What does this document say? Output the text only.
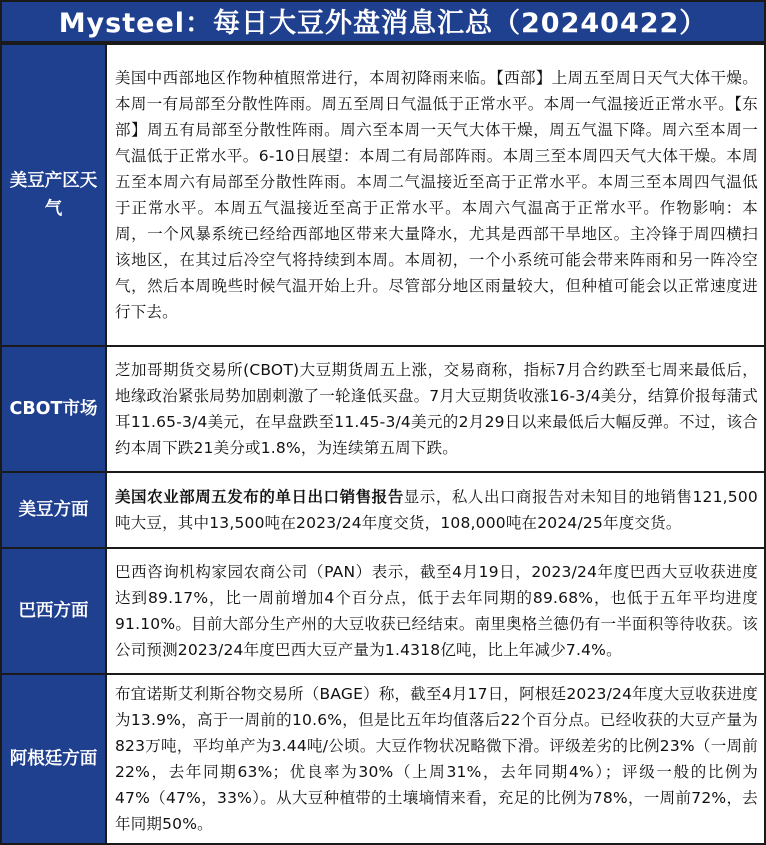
Mysteel：每日大豆外盘消息汇总（20240422）
美豆产区天气	美国中西部地区作物种植照常进行，本周初降雨来临。【西部】上周五至周日天气大体干燥。本周一有局部至分散性阵雨。周五至周日气温低于正常水平。本周一气温接近正常水平。【东部】周五有局部至分散性阵雨。周六至本周一天气大体干燥，周五气温下降。周六至本周一气温低于正常水平。6-10日展望：本周二有局部阵雨。本周三至本周四天气大体干燥。本周五至本周六有局部至分散性阵雨。本周二气温接近至高于正常水平。本周三至本周四气温低于正常水平。本周五气温接近至高于正常水平。本周六气温高于正常水平。作物影响：本周，一个风暴系统已经给西部地区带来大量降水，尤其是西部干旱地区。主冷锋于周四横扫该地区，在其过后冷空气将持续到本周。本周初，一个小系统可能会带来阵雨和另一阵冷空气，然后本周晚些时候气温开始上升。尽管部分地区雨量较大，但种植可能会以正常速度进行下去。
CBOT市场	芝加哥期货交易所(CBOT)大豆期货周五上涨，交易商称，指标7月合约跌至七周来最低后，地缘政治紧张局势加剧刺激了一轮逢低买盘。7月大豆期货收涨16-3/4美分，结算价报每蒲式耳11.65-3/4美元，在早盘跌至11.45-3/4美元的2月29日以来最低后大幅反弹。不过，该合约本周下跌21美分或1.8%，为连续第五周下跌。
美豆方面	美国农业部周五发布的单日出口销售报告显示，私人出口商报告对未知目的地销售121,500吨大豆，其中13,500吨在2023/24年度交货，108,000吨在2024/25年度交货。
巴西方面	巴西咨询机构家园农商公司（PAN）表示，截至4月19日，2023/24年度巴西大豆收获进度达到89.17%，比一周前增加4个百分点，低于去年同期的89.68%，也低于五年平均进度91.10%。目前大部分生产州的大豆收获已经结束。南里奥格兰德仍有一半面积等待收获。该公司预测2023/24年度巴西大豆产量为1.4318亿吨，比上年减少7.4%。
阿根廷方面	布宜诺斯艾利斯谷物交易所（BAGE）称，截至4月17日，阿根廷2023/24年度大豆收获进度为13.9%，高于一周前的10.6%，但是比五年均值落后22个百分点。已经收获的大豆产量为823万吨，平均单产为3.44吨/公顷。大豆作物状况略微下滑。评级差劣的比例23%（一周前22%，去年同期63%；优良率为30%（上周31%，去年同期4%）；评级一般的比例为47%（47%，33%）。从大豆种植带的土壤墒情来看，充足的比例为78%，一周前72%，去年同期50%。
